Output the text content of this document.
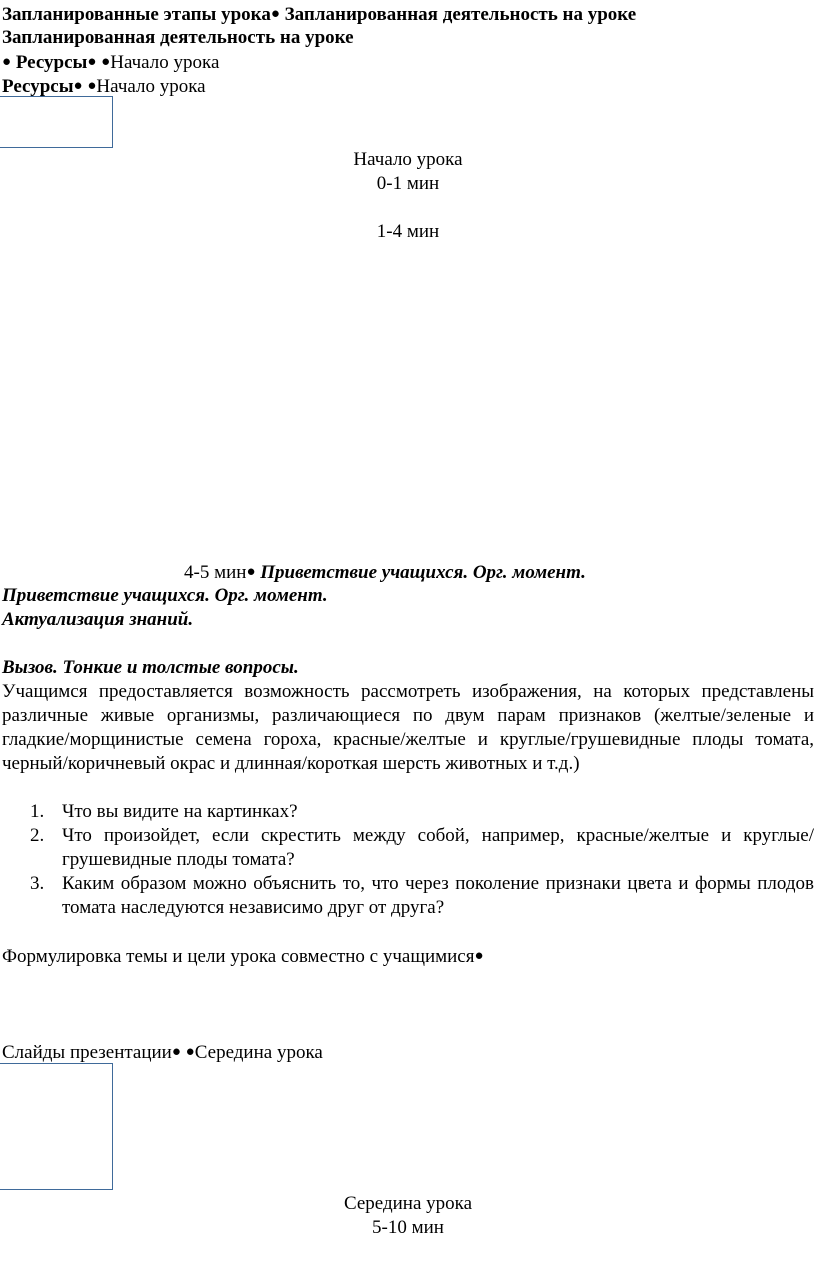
Запланированные этапы урока● Запланированная деятельность на уроке
Запланированная деятельность на уроке
● Ресурсы● ●Начало урока
Ресурсы● ●Начало урока
Начало урока
0-1 мин
1-4 мин
4-5 мин● Приветствие учащихся. Орг. момент.
Приветствие учащихся. Орг. момент.
Актуализация знаний.
Вызов. Тонкие и толстые вопросы.
Учащимся предоставляется возможность рассмотреть изображения, на которых представлены различные живые организмы, различающиеся по двум парам признаков (желтые/зеленые и гладкие/морщинистые семена гороха, красные/желтые и круглые/грушевидные плоды томата, черный/коричневый окрас и длинная/короткая шерсть животных и т.д.)
1. Что вы видите на картинках?
2. Что произойдет, если скрестить между собой, например, красные/желтые и круглые/грушевидные плоды томата?
3. Каким образом можно объяснить то, что через поколение признаки цвета и формы плодов томата наследуются независимо друг от друга?
Формулировка темы и цели урока совместно с учащимися●
Слайды презентации● ●Середина урока
Середина урока
5-10 мин
